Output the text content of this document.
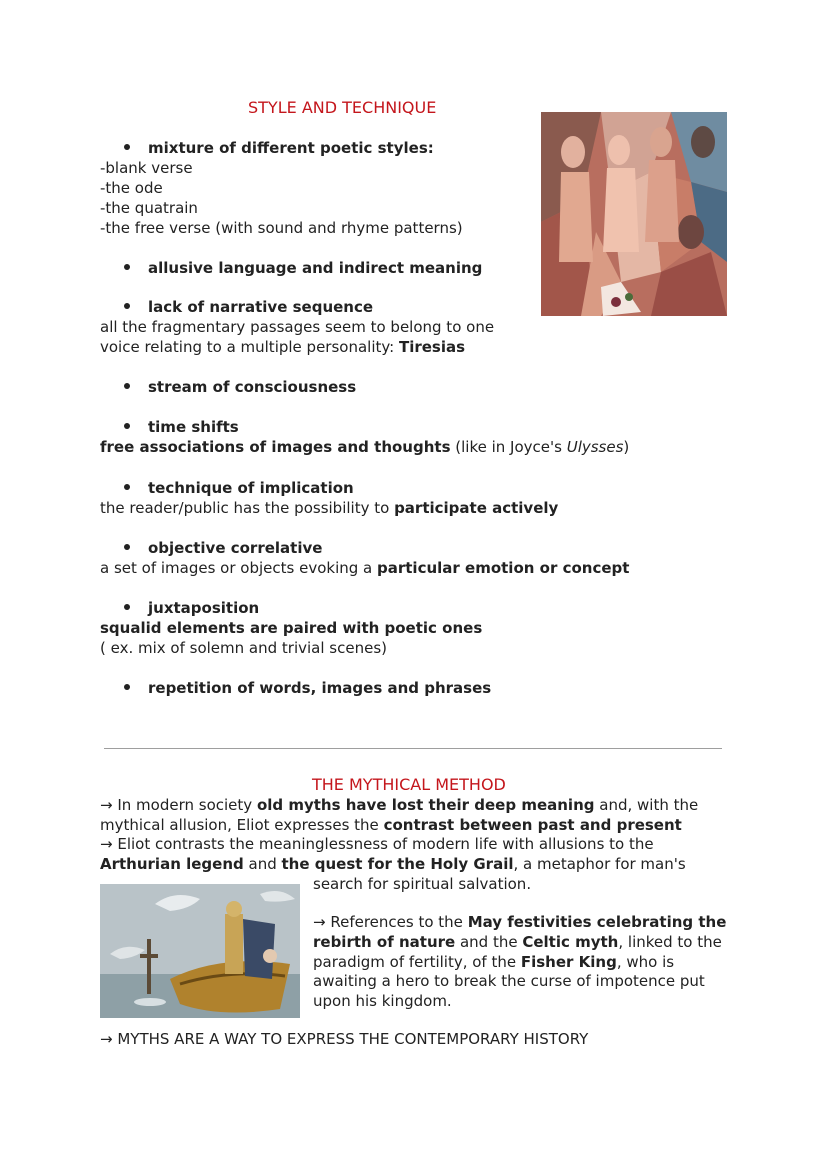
STYLE AND TECHNIQUE
mixture of different poetic styles:
-blank verse
-the ode
-the quatrain
-the free verse (with sound and rhyme patterns)
allusive language and indirect meaning
lack of narrative sequence
all the fragmentary passages seem to belong to one
voice relating to a multiple personality: Tiresias
stream of consciousness
time shifts
free associations of images and thoughts (like in Joyce's Ulysses)
technique of implication
the reader/public has the possibility to participate actively
objective correlative
a set of images or objects evoking a particular emotion or concept
juxtaposition
squalid elements are paired with poetic ones
( ex. mix of solemn and trivial scenes)
repetition of words, images and phrases
THE MYTHICAL METHOD
→ In modern society old myths have lost their deep meaning and, with the
mythical allusion, Eliot expresses the contrast between past and present
→ Eliot contrasts the meaninglessness of modern life with allusions to the
Arthurian legend and the quest for the Holy Grail, a metaphor for man's
search for spiritual salvation.
→ References to the May festivities celebrating the
rebirth of nature and the Celtic myth, linked to the
paradigm of fertility, of the Fisher King, who is
awaiting a hero to break the curse of impotence put
upon his kingdom.
→ MYTHS ARE A WAY TO EXPRESS THE CONTEMPORARY HISTORY
